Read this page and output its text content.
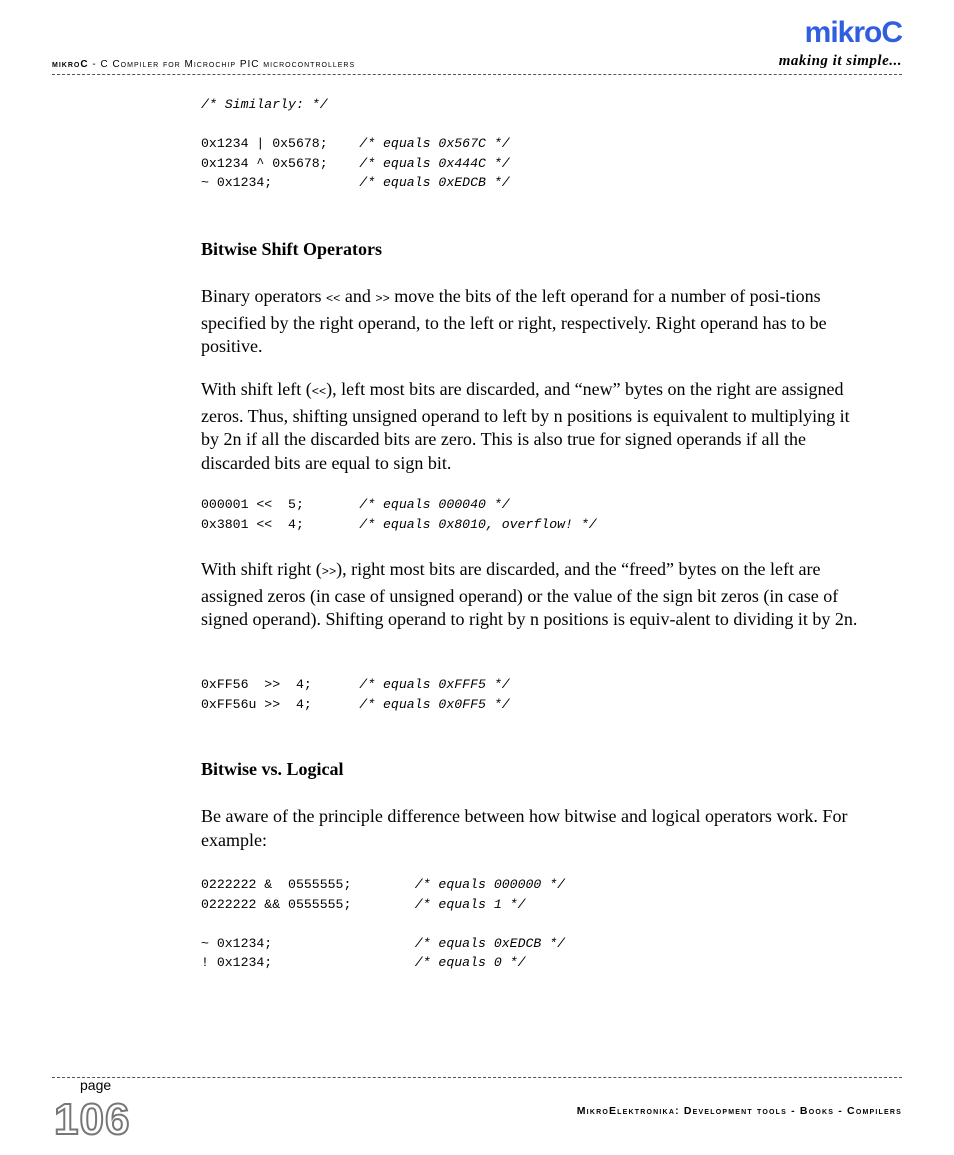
mikroC - C Compiler for Microchip PIC microcontrollers
mikroC
making it simple...
/* Similarly: */

0x1234 | 0x5678;    /* equals 0x567C */
0x1234 ^ 0x5678;    /* equals 0x444C */
~ 0x1234;           /* equals 0xEDCB */
Bitwise Shift Operators

Binary operators << and >> move the bits of the left operand for a number of posi-tions specified by the right operand, to the left or right, respectively. Right operand has to be positive.

With shift left (<<), left most bits are discarded, and “new” bytes on the right are assigned zeros. Thus, shifting unsigned operand to left by n positions is equivalent to multiplying it by 2n if all the discarded bits are zero. This is also true for signed operands if all the discarded bits are equal to sign bit.

000001 <<  5;       /* equals 000040 */
0x3801 <<  4;       /* equals 0x8010, overflow! */

With shift right (>>), right most bits are discarded, and the “freed” bytes on the left are assigned zeros (in case of unsigned operand) or the value of the sign bit zeros (in case of signed operand). Shifting operand to right by n positions is equiv-alent to dividing it by 2n.

0xFF56  >>  4;      /* equals 0xFFF5 */
0xFF56u >>  4;      /* equals 0x0FF5 */
Bitwise vs. Logical

Be aware of the principle difference between how bitwise and logical operators work. For example:

0222222 &  0555555;        /* equals 000000 */
0222222 && 0555555;        /* equals 1 */

~ 0x1234;                  /* equals 0xEDCB */
! 0x1234;                  /* equals 0 */
page
106	MikroElektronika: Development tools - Books - Compilers
